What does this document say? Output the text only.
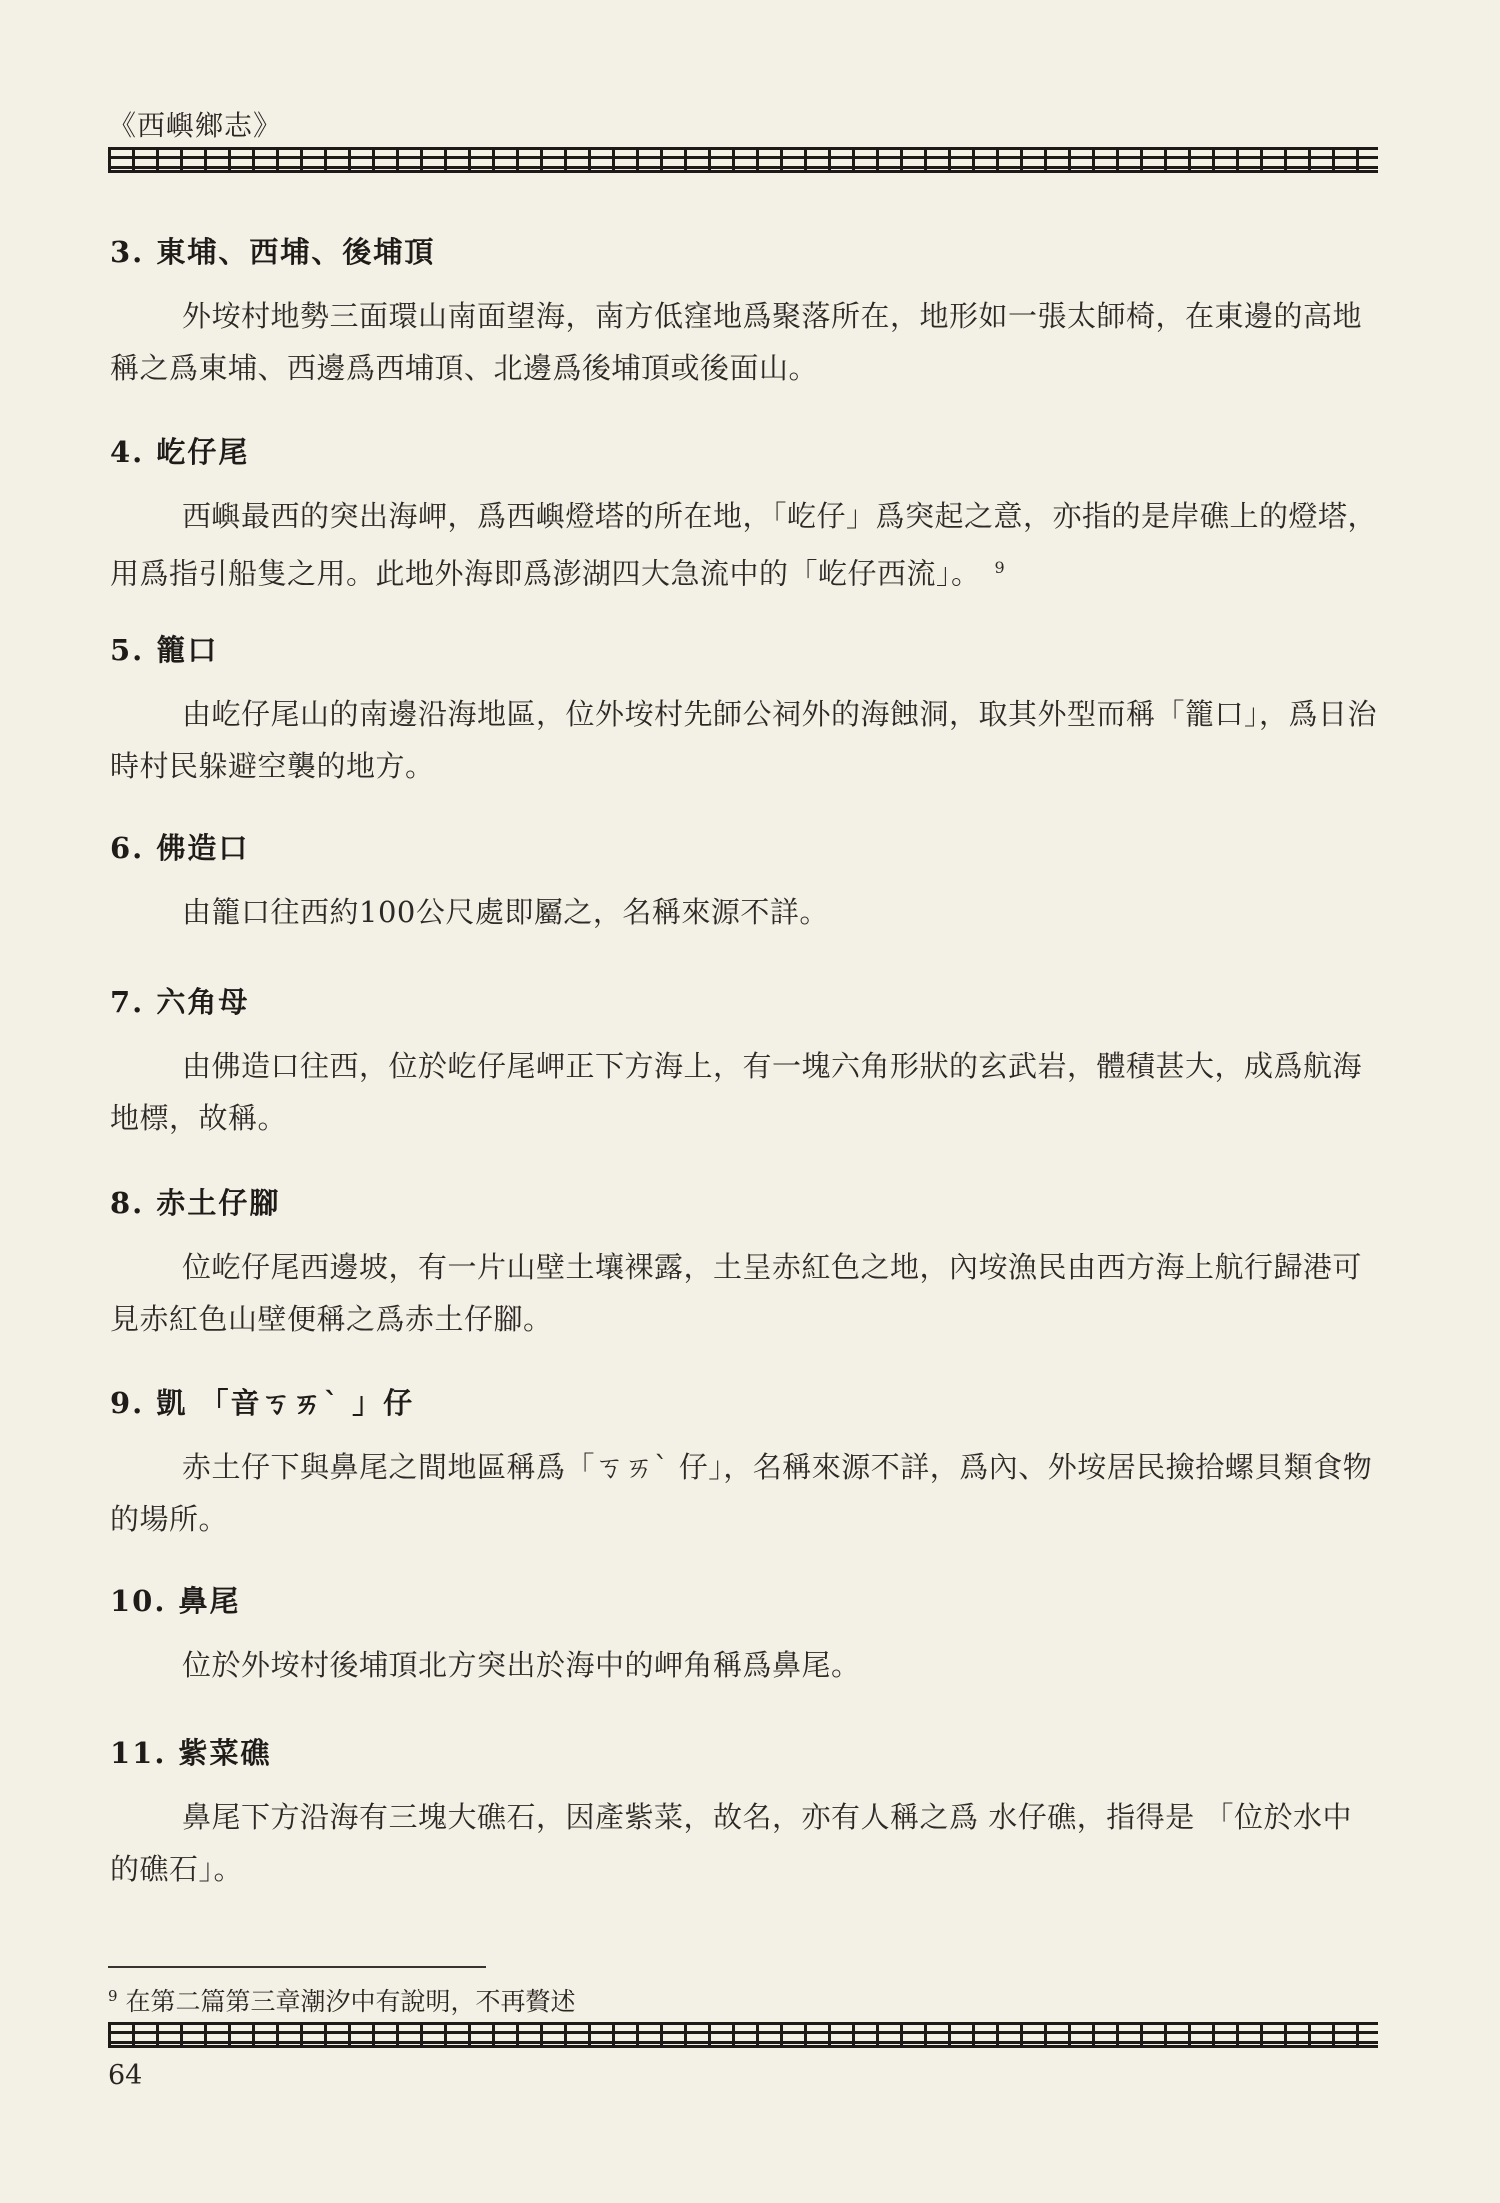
《西嶼鄉志》
3. 東埔、西埔、後埔頂
外垵村地勢三面環山南面望海，南方低窪地爲聚落所在，地形如一張太師椅，在東邊的高地稱之爲東埔、西邊爲西埔頂、北邊爲後埔頂或後面山。
4. 屹仔尾
西嶼最西的突出海岬，爲西嶼燈塔的所在地，「屹仔」爲突起之意，亦指的是岸礁上的燈塔，用爲指引船隻之用。此地外海即爲澎湖四大急流中的「屹仔西流」。 $^9$
5. 籠口
由屹仔尾山的南邊沿海地區，位外垵村先師公祠外的海蝕洞，取其外型而稱「籠口」，爲日治時村民躲避空襲的地方。
6. 佛造口
由籠口往西約100公尺處即屬之，名稱來源不詳。
7. 六角母
由佛造口往西，位於屹仔尾岬正下方海上，有一塊六角形狀的玄武岩，體積甚大，成爲航海地標，故稱。
8. 赤土仔腳
位屹仔尾西邊坡，有一片山壁土壤裸露，土呈赤紅色之地，內垵漁民由西方海上航行歸港可見赤紅色山壁便稱之爲赤土仔腳。
9. 凱 「音ㄎㄞˋ 」仔
赤土仔下與鼻尾之間地區稱爲「ㄎㄞˋ 仔」，名稱來源不詳，爲內、外垵居民撿拾螺貝類食物的場所。
10. 鼻尾
位於外垵村後埔頂北方突出於海中的岬角稱爲鼻尾。
11. 紫菜礁
鼻尾下方沿海有三塊大礁石，因產紫菜，故名，亦有人稱之爲 水仔礁，指得是 「位於水中的礁石」。
$^9$ 在第二篇第三章潮汐中有說明，不再贅述
64
